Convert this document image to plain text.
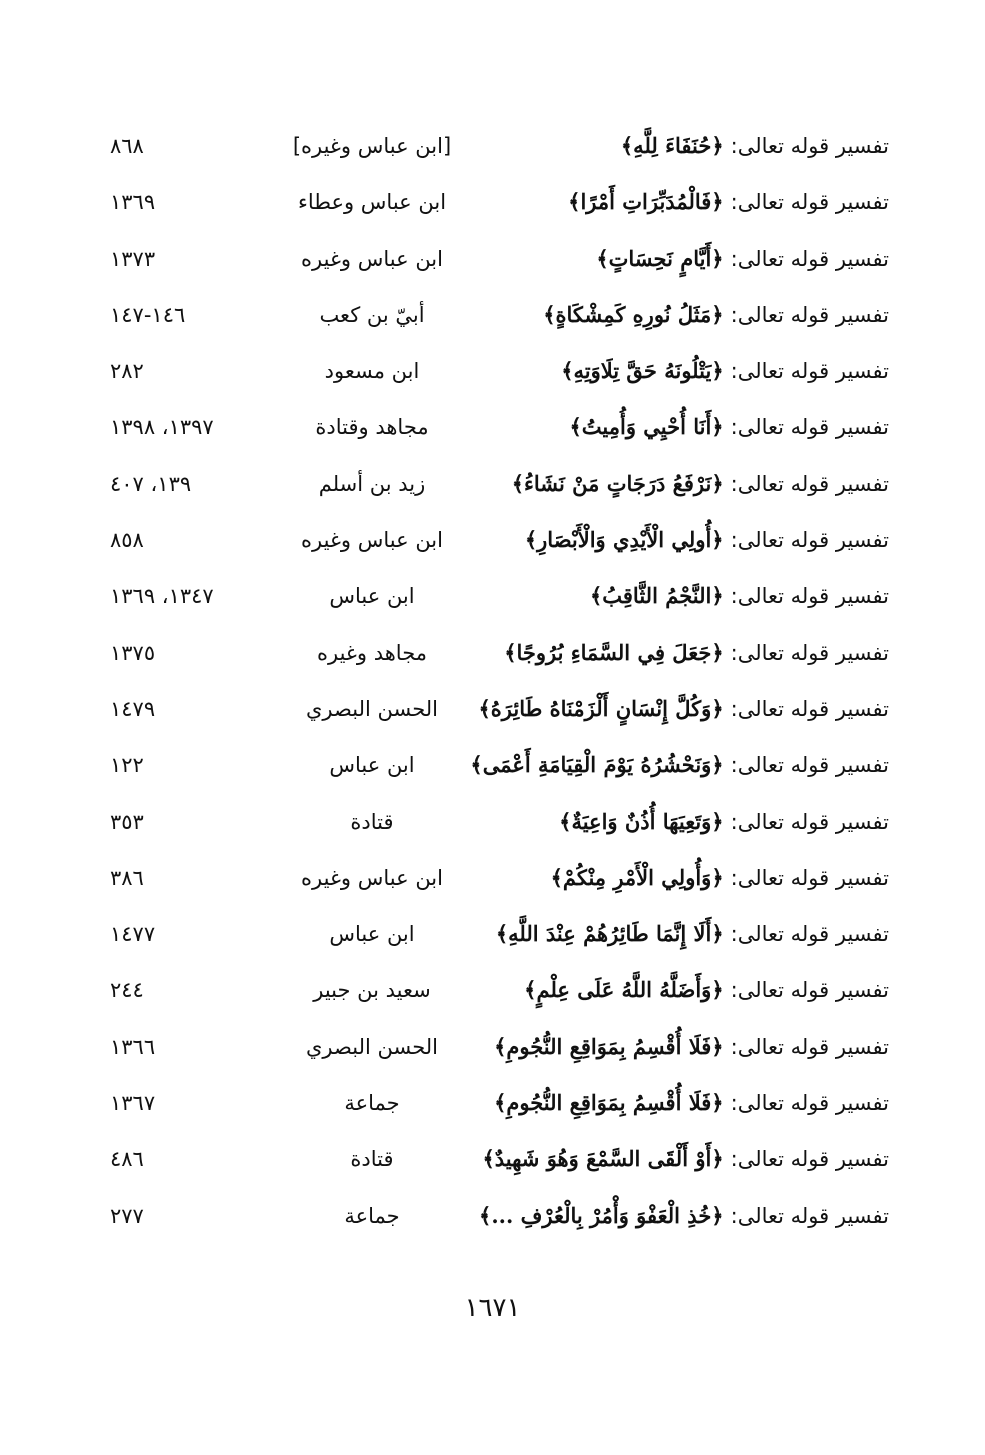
تفسير قوله تعالى: ﴿حُنَفَاءَ لِلَّهِ﴾
[ابن عباس وغيره]
٨٦٨
تفسير قوله تعالى: ﴿فَالْمُدَبِّرَاتِ أَمْرًا﴾
ابن عباس وعطاء
١٣٦٩
تفسير قوله تعالى: ﴿أَيَّامٍ نَحِسَاتٍ﴾
ابن عباس وغيره
١٣٧٣
تفسير قوله تعالى: ﴿مَثَلُ نُورِهِ كَمِشْكَاةٍ﴾
أبيّ بن كعب
١٤٦-١٤٧
تفسير قوله تعالى: ﴿يَتْلُونَهُ حَقَّ تِلَاوَتِهِ﴾
ابن مسعود
٢٨٢
تفسير قوله تعالى: ﴿أَنَا أُحْيِي وَأُمِيتُ﴾
مجاهد وقتادة
١٣٩٧، ١٣٩٨
تفسير قوله تعالى: ﴿نَرْفَعُ دَرَجَاتٍ مَنْ نَشَاءُ﴾
زيد بن أسلم
١٣٩، ٤٠٧
تفسير قوله تعالى: ﴿أُولِي الْأَيْدِي وَالْأَبْصَارِ﴾
ابن عباس وغيره
٨٥٨
تفسير قوله تعالى: ﴿النَّجْمُ الثَّاقِبُ﴾
ابن عباس
١٣٤٧، ١٣٦٩
تفسير قوله تعالى: ﴿جَعَلَ فِي السَّمَاءِ بُرُوجًا﴾
مجاهد وغيره
١٣٧٥
تفسير قوله تعالى: ﴿وَكُلَّ إِنْسَانٍ أَلْزَمْنَاهُ طَائِرَهُ﴾
الحسن البصري
١٤٧٩
تفسير قوله تعالى: ﴿وَنَحْشُرُهُ يَوْمَ الْقِيَامَةِ أَعْمَى﴾
ابن عباس
١٢٢
تفسير قوله تعالى: ﴿وَتَعِيَهَا أُذُنٌ وَاعِيَةٌ﴾
قتادة
٣٥٣
تفسير قوله تعالى: ﴿وَأُولِي الْأَمْرِ مِنْكُمْ﴾
ابن عباس وغيره
٣٨٦
تفسير قوله تعالى: ﴿أَلَا إِنَّمَا طَائِرُهُمْ عِنْدَ اللَّهِ﴾
ابن عباس
١٤٧٧
تفسير قوله تعالى: ﴿وَأَضَلَّهُ اللَّهُ عَلَى عِلْمٍ﴾
سعيد بن جبير
٢٤٤
تفسير قوله تعالى: ﴿فَلَا أُقْسِمُ بِمَوَاقِعِ النُّجُومِ﴾
الحسن البصري
١٣٦٦
تفسير قوله تعالى: ﴿فَلَا أُقْسِمُ بِمَوَاقِعِ النُّجُومِ﴾
جماعة
١٣٦٧
تفسير قوله تعالى: ﴿أَوْ أَلْقَى السَّمْعَ وَهُوَ شَهِيدٌ﴾
قتادة
٤٨٦
تفسير قوله تعالى: ﴿خُذِ الْعَفْوَ وَأْمُرْ بِالْعُرْفِ ...﴾
جماعة
٢٧٧
١٦٧١
